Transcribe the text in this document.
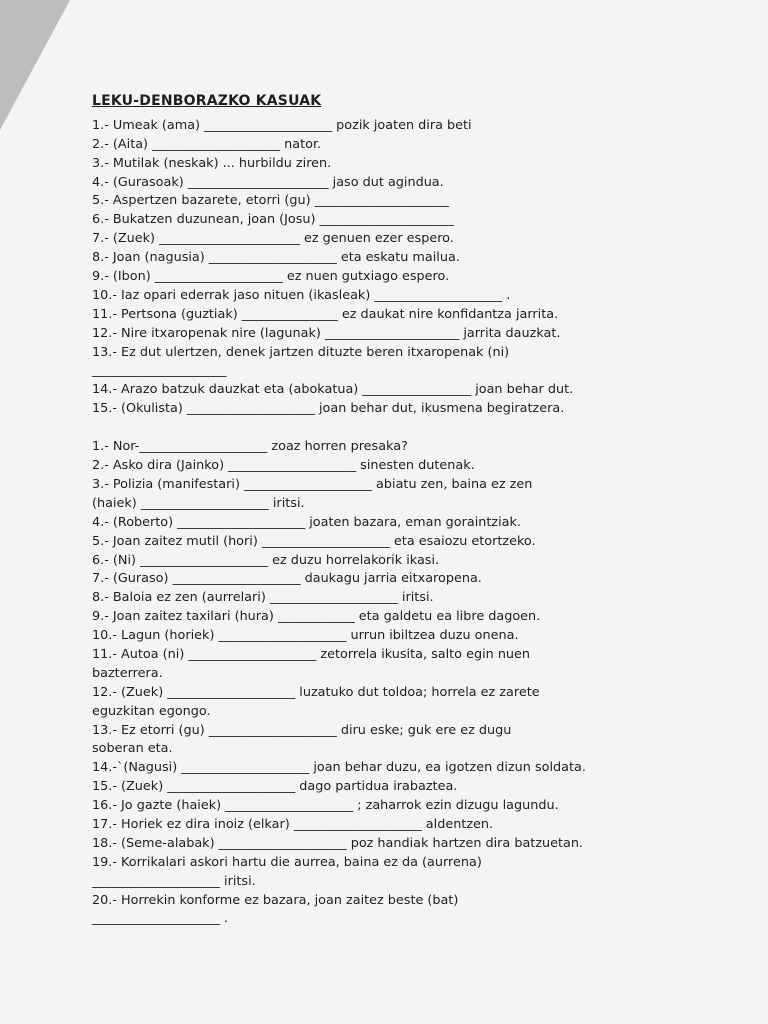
LEKU-DENBORAZKO KASUAK
1.- Umeak (ama) ____________________ pozik joaten dira beti
2.- (Aita) ____________________ nator.
3.- Mutilak (neskak) ... hurbildu ziren.
4.- (Gurasoak) ______________________ jaso dut agindua.
5.- Aspertzen bazarete, etorri (gu) _____________________
6.- Bukatzen duzunean, joan (Josu) _____________________
7.- (Zuek) ______________________ ez genuen ezer espero.
8.- Joan (nagusia) ____________________ eta eskatu mailua.
9.- (Ibon) ____________________ ez nuen gutxiago espero.
10.- Iaz opari ederrak jaso nituen (ikasleak) ____________________ .
11.- Pertsona (guztiak) _______________ ez daukat nire konfidantza jarrita.
12.- Nire itxaropenak nire (lagunak) _____________________ jarrita dauzkat.
13.- Ez dut ulertzen, denek jartzen dituzte beren itxaropenak (ni)
_____________________
14.- Arazo batzuk dauzkat eta (abokatua) _________________ joan behar dut.
15.- (Okulista) ____________________ joan behar dut, ikusmena begiratzera.
1.- Nor-____________________ zoaz horren presaka?
2.- Asko dira (Jainko) ____________________ sinesten dutenak.
3.- Polizia (manifestari) ____________________ abiatu zen, baina ez zen
(haiek) ____________________ iritsi.
4.- (Roberto) ____________________ joaten bazara, eman goraintziak.
5.- Joan zaitez mutil (hori) ____________________ eta esaiozu etortzeko.
6.- (Ni) ____________________ ez duzu horrelakorik ikasi.
7.- (Guraso) ____________________ daukagu jarria eitxaropena.
8.- Baloia ez zen (aurrelari) ____________________ iritsi.
9.- Joan zaitez taxilari (hura) ____________ eta galdetu ea libre dagoen.
10.- Lagun (horiek) ____________________ urrun ibiltzea duzu onena.
11.- Autoa (ni) ____________________ zetorrela ikusita, salto egin nuen
bazterrera.
12.- (Zuek) ____________________ luzatuko dut toldoa; horrela ez zarete
eguzkitan egongo.
13.- Ez etorri (gu) ____________________ diru eske; guk ere ez dugu
soberan eta.
14.-`(Nagusi) ____________________ joan behar duzu, ea igotzen dizun soldata.
15.- (Zuek) ____________________ dago partidua irabaztea.
16.- Jo gazte (haiek) ____________________ ; zaharrok ezin dizugu lagundu.
17.- Horiek ez dira inoiz (elkar) ____________________ aldentzen.
18.- (Seme-alabak) ____________________ poz handiak hartzen dira batzuetan.
19.- Korrikalari askori hartu die aurrea, baina ez da (aurrena)
____________________ iritsi.
20.- Horrekin konforme ez bazara, joan zaitez beste (bat)
____________________ .
